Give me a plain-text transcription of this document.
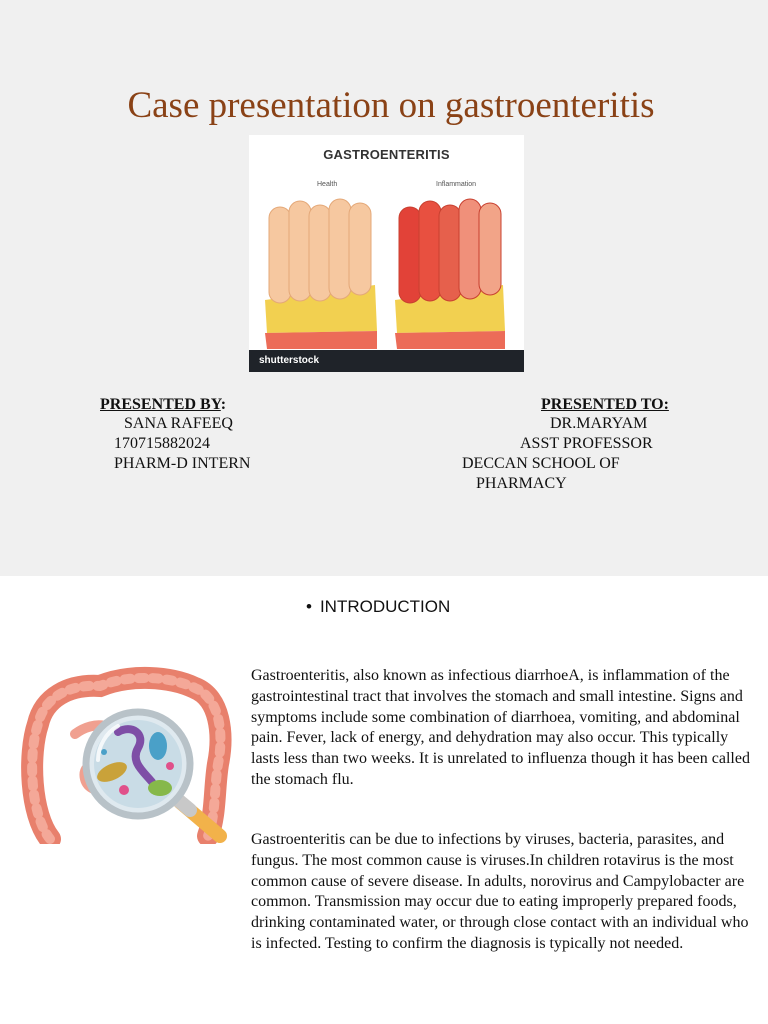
Case presentation on gastroenteritis
GASTROENTERITIS
Health	Inflammation
shutterstock
PRESENTED BY:
SANA RAFEEQ
170715882024
PHARM-D INTERN
PRESENTED TO:
DR.MARYAM
ASST PROFESSOR
DECCAN SCHOOL OF
PHARMACY
• INTRODUCTION

Gastroenteritis, also known as infectious diarrhoeA, is inflammation of the gastrointestinal tract that involves the stomach and small intestine. Signs and symptoms include some combination of diarrhoea, vomiting, and abdominal pain. Fever, lack of energy, and dehydration may also occur. This typically lasts less than two weeks. It is unrelated to influenza though it has been called the stomach flu.

Gastroenteritis can be due to infections by viruses, bacteria, parasites, and fungus. The most common cause is viruses.In children rotavirus is the most common cause of severe disease. In adults, norovirus and Campylobacter are common. Transmission may occur due to eating improperly prepared foods, drinking contaminated water, or through close contact with an individual who is infected. Testing to confirm the diagnosis is typically not needed.
